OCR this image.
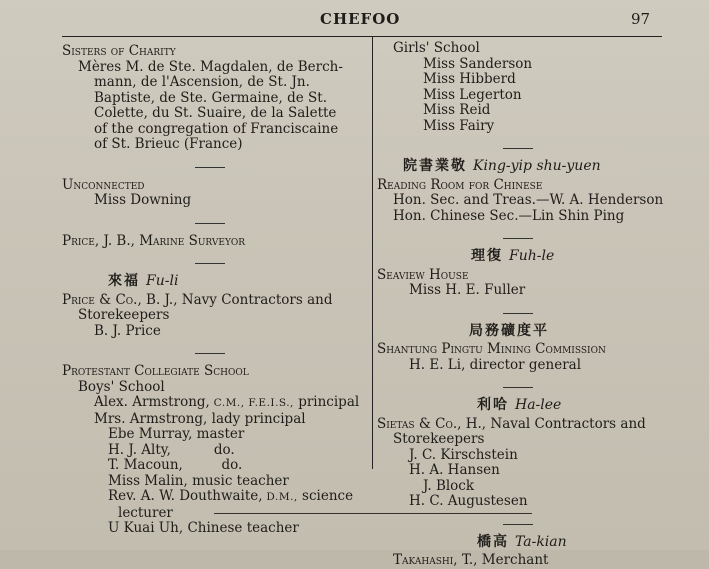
CHEFOO	97
Sisters of Charity
Mères M. de Ste. Magdalen, de Berch-
mann, de l'Ascension, de St. Jn.
Baptiste, de Ste. Germaine, de St.
Colette, du St. Suaire, de la Salette
of the congregation of Franciscaine
of St. Brieuc (France)
Unconnected
Miss Downing
Price, J. B., Marine Surveyor
來福 Fu-li
Price & Co., B. J., Navy Contractors and
Storekeepers
B. J. Price
Protestant Collegiate School
Boys' School
Alex. Armstrong, C.M., F.E.I.S., principal
Mrs. Armstrong, lady principal
Ebe Murray, master
H. J. Alty,          do.
T. Macoun,         do.
Miss Malin, music teacher
Rev. A. W. Douthwaite, D.M., science
lecturer
U Kuai Uh, Chinese teacher
Girls' School
Miss Sanderson
Miss Hibberd
Miss Legerton
Miss Reid
Miss Fairy
院書業敬 King-yip shu-yuen
Reading Room for Chinese
Hon. Sec. and Treas.—W. A. Henderson
Hon. Chinese Sec.—Lin Shin Ping
理復 Fuh-le
Seaview House
Miss H. E. Fuller
局務礦度平
Shantung Pingtu Mining Commission
H. E. Li, director general
利哈 Ha-lee
Sietas & Co., H., Naval Contractors and
Storekeepers
J. C. Kirschstein
H. A. Hansen
J. Block
H. C. Augustesen
橋高 Ta-kian
Takahashi, T., Merchant
